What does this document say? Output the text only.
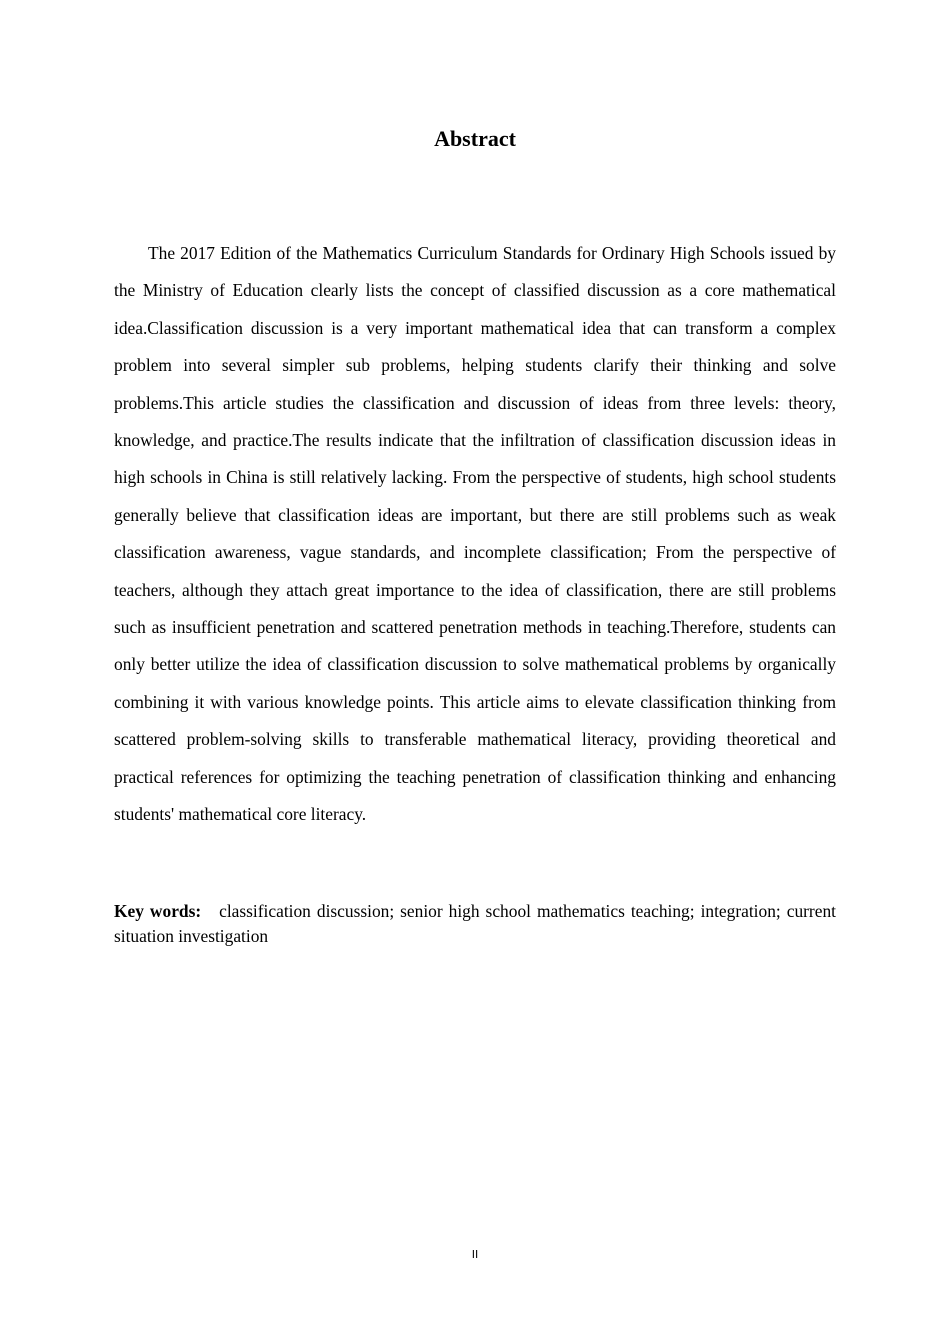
Abstract

The 2017 Edition of the Mathematics Curriculum Standards for Ordinary High Schools issued by the Ministry of Education clearly lists the concept of classified discussion as a core mathematical idea.Classification discussion is a very important mathematical idea that can transform a complex problem into several simpler sub problems, helping students clarify their thinking and solve problems.This article studies the classification and discussion of ideas from three levels: theory, knowledge, and practice.The results indicate that the infiltration of classification discussion ideas in high schools in China is still relatively lacking. From the perspective of students, high school students generally believe that classification ideas are important, but there are still problems such as weak classification awareness, vague standards, and incomplete classification; From the perspective of teachers, although they attach great importance to the idea of classification, there are still problems such as insufficient penetration and scattered penetration methods in teaching.Therefore, students can only better utilize the idea of classification discussion to solve mathematical problems by organically combining it with various knowledge points. This article aims to elevate classification thinking from scattered problem-solving skills to transferable mathematical literacy, providing theoretical and practical references for optimizing the teaching penetration of classification thinking and enhancing students' mathematical core literacy.

Key words: classification discussion; senior high school mathematics teaching; integration; current situation investigation

II
